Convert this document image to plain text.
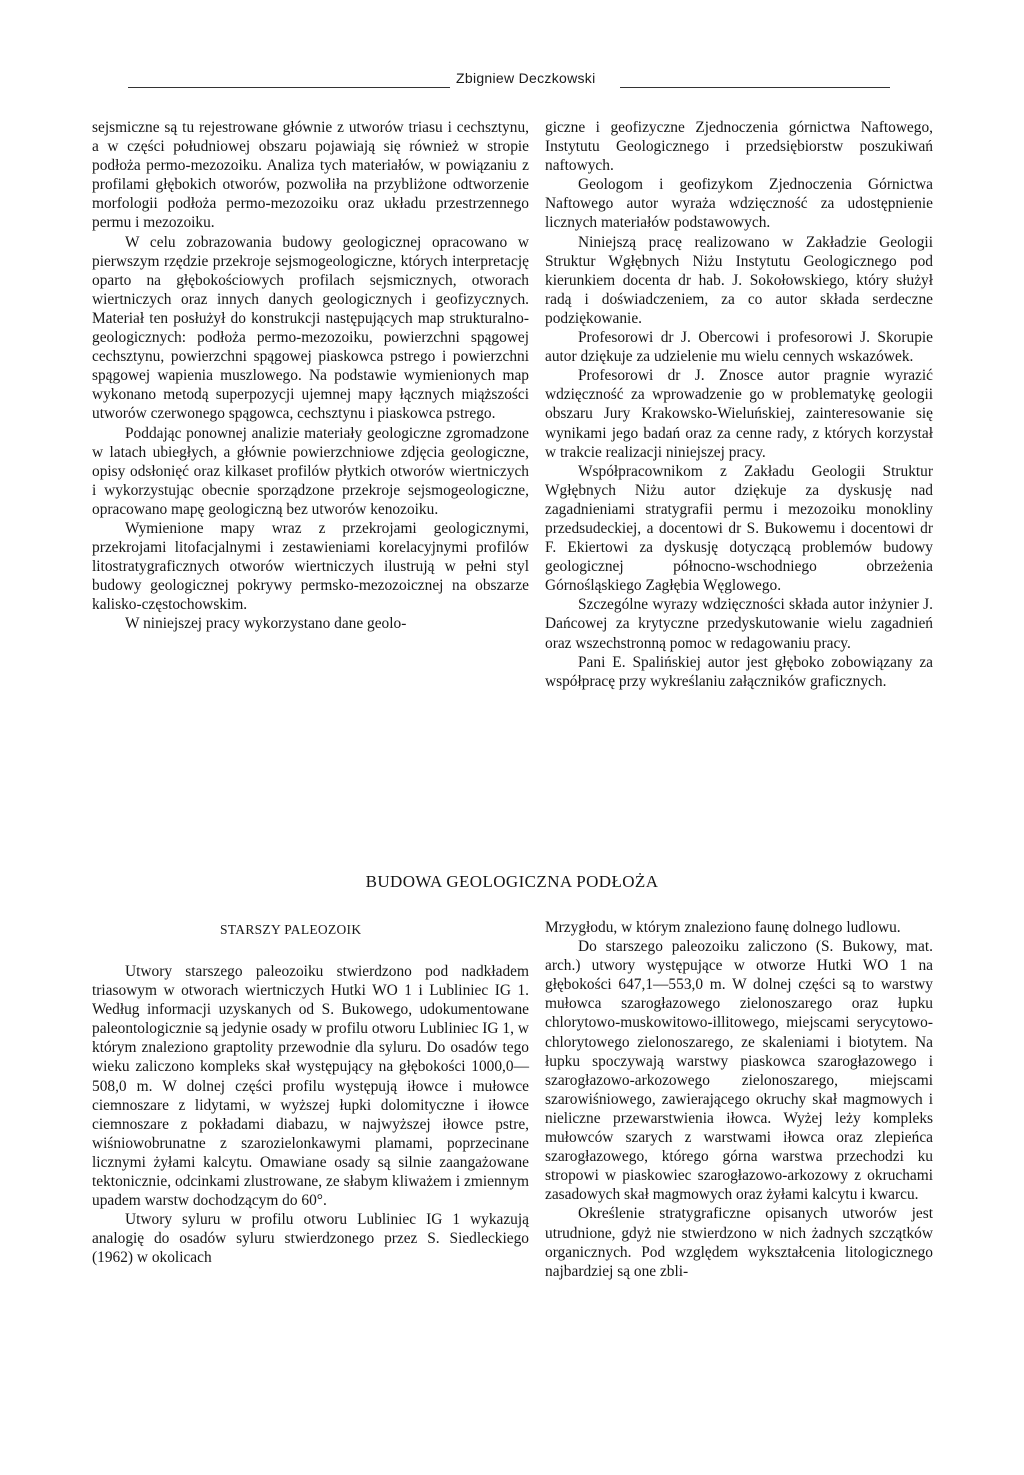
Zbigniew Deczkowski

sejsmiczne są tu rejestrowane głównie z utworów triasu i cechsztynu, a w części południowej obszaru pojawiają się również w stropie podłoża permo-mezozoiku. Analiza tych materiałów, w powiązaniu z profilami głębokich otworów, pozwoliła na przybliżone odtworzenie morfologii podłoża permo-mezozoiku oraz układu przestrzennego permu i mezozoiku.

W celu zobrazowania budowy geologicznej opracowano w pierwszym rzędzie przekroje sejsmogeologiczne, których interpretację oparto na głębokościowych profilach sejsmicznych, otworach wiertniczych oraz innych danych geologicznych i geofizycznych. Materiał ten posłużył do konstrukcji następujących map strukturalno-geologicznych: podłoża permo-mezozoiku, powierzchni spągowej cechsztynu, powierzchni spągowej piaskowca pstrego i powierzchni spągowej wapienia muszlowego. Na podstawie wymienionych map wykonano metodą superpozycji ujemnej mapy łącznych miąższości utworów czerwonego spągowca, cechsztynu i piaskowca pstrego.

Poddając ponownej analizie materiały geologiczne zgromadzone w latach ubiegłych, a głównie powierzchniowe zdjęcia geologiczne, opisy odsłonięć oraz kilkaset profilów płytkich otworów wiertniczych i wykorzystując obecnie sporządzone przekroje sejsmogeologiczne, opracowano mapę geologiczną bez utworów kenozoiku.

Wymienione mapy wraz z przekrojami geologicznymi, przekrojami litofacjalnymi i zestawieniami korelacyjnymi profilów litostratygraficznych otworów wiertniczych ilustrują w pełni styl budowy geologicznej pokrywy permsko-mezozoicznej na obszarze kalisko-częstochowskim.

W niniejszej pracy wykorzystano dane geolo-

giczne i geofizyczne Zjednoczenia górnictwa Naftowego, Instytutu Geologicznego i przedsiębiorstw poszukiwań naftowych.

Geologom i geofizykom Zjednoczenia Górnictwa Naftowego autor wyraża wdzięczność za udostępnienie licznych materiałów podstawowych.

Niniejszą pracę realizowano w Zakładzie Geologii Struktur Wgłębnych Niżu Instytutu Geologicznego pod kierunkiem docenta dr hab. J. Sokołowskiego, który służył radą i doświadczeniem, za co autor składa serdeczne podziękowanie.

Profesorowi dr J. Obercowi i profesorowi J. Skorupie autor dziękuje za udzielenie mu wielu cennych wskazówek.

Profesorowi dr J. Znosce autor pragnie wyrazić wdzięczność za wprowadzenie go w problematykę geologii obszaru Jury Krakowsko-Wieluńskiej, zainteresowanie się wynikami jego badań oraz za cenne rady, z których korzystał w trakcie realizacji niniejszej pracy.

Współpracownikom z Zakładu Geologii Struktur Wgłębnych Niżu autor dziękuje za dyskusję nad zagadnieniami stratygrafii permu i mezozoiku monokliny przedsudeckiej, a docentowi dr S. Bukowemu i docentowi dr F. Ekiertowi za dyskusję dotyczącą problemów budowy geologicznej północno-wschodniego obrzeżenia Górnośląskiego Zagłębia Węglowego.

Szczególne wyrazy wdzięczności składa autor inżynier J. Dańcowej za krytyczne przedyskutowanie wielu zagadnień oraz wszechstronną pomoc w redagowaniu pracy.

Pani E. Spalińskiej autor jest głęboko zobowiązany za współpracę przy wykreślaniu załączników graficznych.

BUDOWA GEOLOGICZNA PODŁOŻA
STARSZY PALEOZOIK

Utwory starszego paleozoiku stwierdzono pod nadkładem triasowym w otworach wiertniczych Hutki WO 1 i Lubliniec IG 1. Według informacji uzyskanych od S. Bukowego, udokumentowane paleontologicznie są jedynie osady w profilu otworu Lubliniec IG 1, w którym znaleziono graptolity przewodnie dla syluru. Do osadów tego wieku zaliczono kompleks skał występujący na głębokości 1000,0—508,0 m. W dolnej części profilu występują iłowce i mułowce ciemnoszare z lidytami, w wyższej łupki dolomityczne i iłowce ciemnoszare z pokładami diabazu, w najwyższej iłowce pstre, wiśniowobrunatne z szarozielonkawymi plamami, poprzecinane licznymi żyłami kalcytu. Omawiane osady są silnie zaangażowane tektonicznie, odcinkami zlustrowane, ze słabym kliważem i zmiennym upadem warstw dochodzącym do 60°.

Utwory syluru w profilu otworu Lubliniec IG 1 wykazują analogię do osadów syluru stwierdzonego przez S. Siedleckiego (1962) w okolicach

Mrzygłodu, w którym znaleziono faunę dolnego ludlowu.

Do starszego paleozoiku zaliczono (S. Bukowy, mat. arch.) utwory występujące w otworze Hutki WO 1 na głębokości 647,1—553,0 m. W dolnej części są to warstwy mułowca szarogłazowego zielonoszarego oraz łupku chlorytowo-muskowitowo-illitowego, miejscami serycytowo-chlorytowego zielonoszarego, ze skaleniami i biotytem. Na łupku spoczywają warstwy piaskowca szarogłazowego i szarogłazowo-arkozowego zielonoszarego, miejscami szarowiśniowego, zawierającego okruchy skał magmowych i nieliczne przewarstwienia iłowca. Wyżej leży kompleks mułowców szarych z warstwami iłowca oraz zlepieńca szarogłazowego, którego górna warstwa przechodzi ku stropowi w piaskowiec szarogłazowo-arkozowy z okruchami zasadowych skał magmowych oraz żyłami kalcytu i kwarcu.

Określenie stratygraficzne opisanych utworów jest utrudnione, gdyż nie stwierdzono w nich żadnych szczątków organicznych. Pod względem wykształcenia litologicznego najbardziej są one zbli-
